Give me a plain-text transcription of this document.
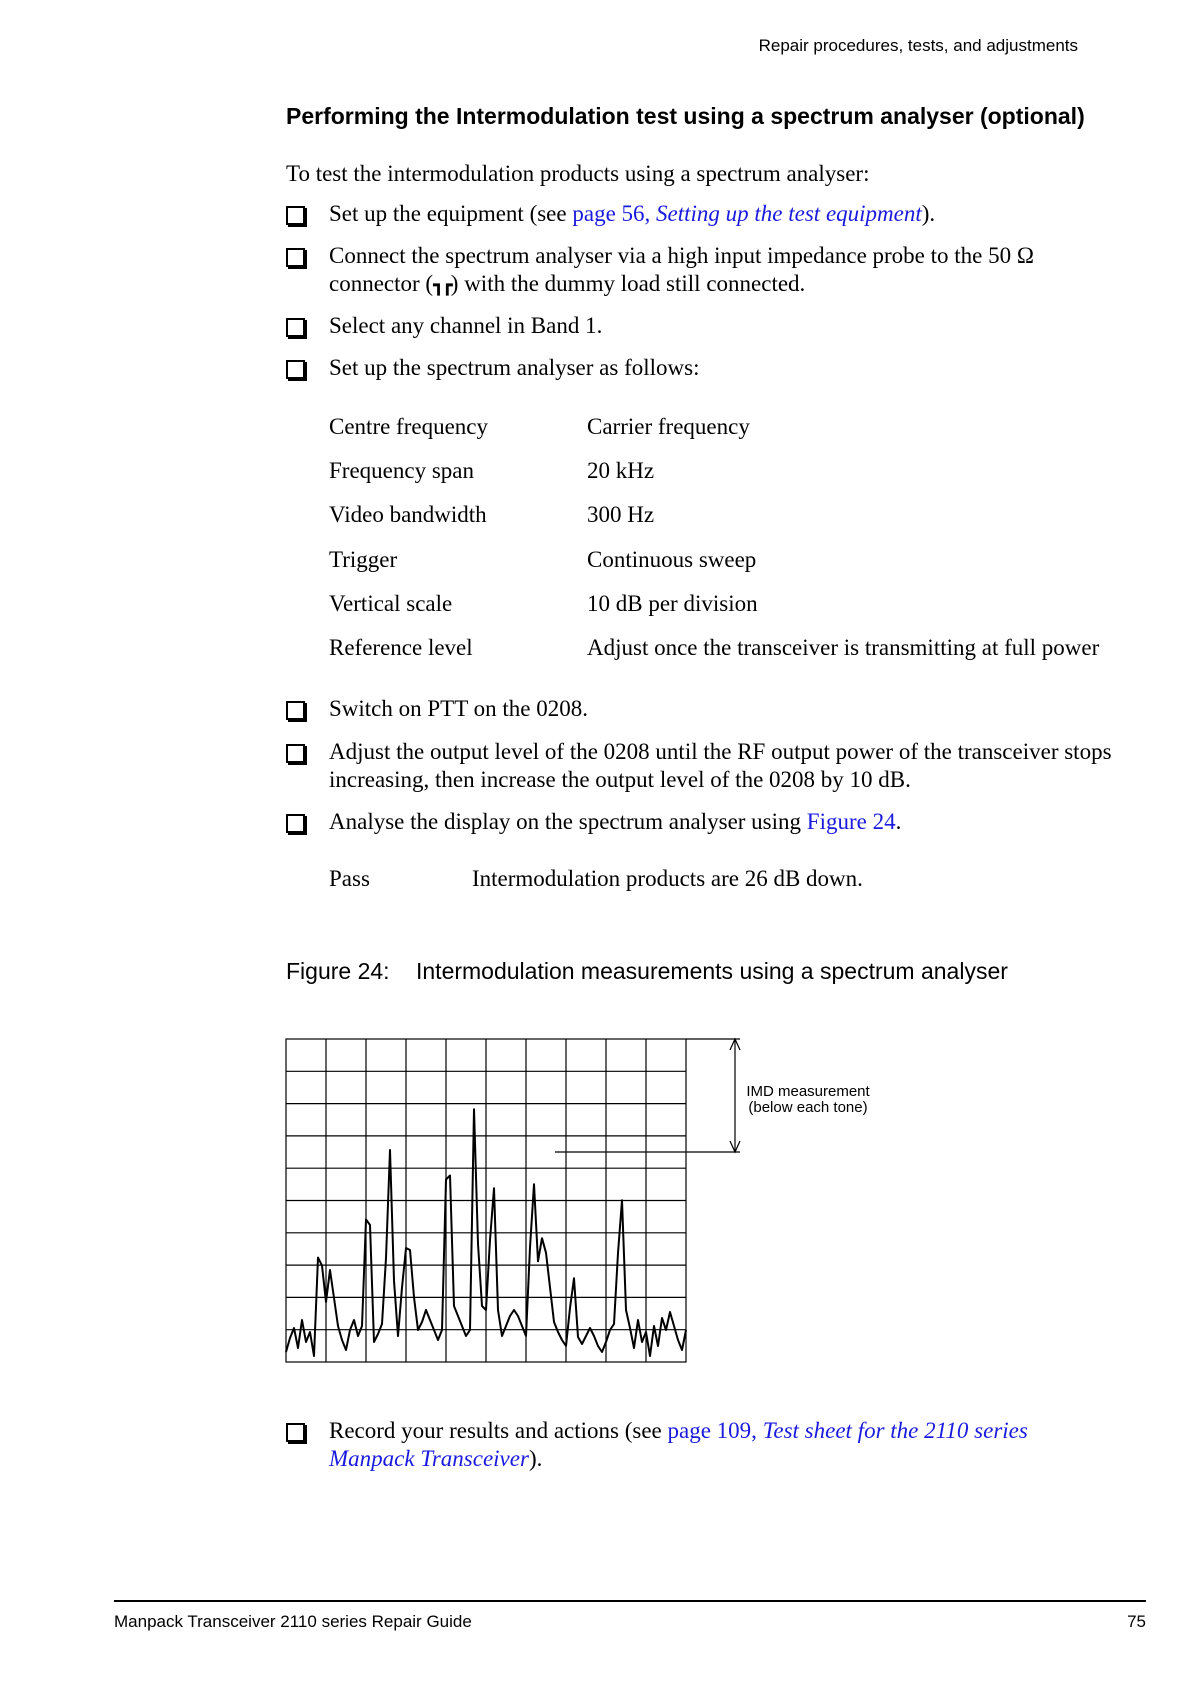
Repair procedures, tests, and adjustments
Performing the Intermodulation test using a spectrum analyser (optional)
To test the intermodulation products using a spectrum analyser:
Set up the equipment (see page 56, Setting up the test equipment).
Connect the spectrum analyser via a high input impedance probe to the 50 Ω
connector (┓┏) with the dummy load still connected.
Select any channel in Band 1.
Set up the spectrum analyser as follows:
Centre frequency	Carrier frequency
Frequency span	20 kHz
Video bandwidth	300 Hz
Trigger	Continuous sweep
Vertical scale	10 dB per division
Reference level	Adjust once the transceiver is transmitting at full power
Switch on PTT on the 0208.
Adjust the output level of the 0208 until the RF output power of the transceiver stops
increasing, then increase the output level of the 0208 by 10 dB.
Analyse the display on the spectrum analyser using Figure 24.
Pass	Intermodulation products are 26 dB down.
Figure 24: Intermodulation measurements using a spectrum analyser
IMD measurement
(below each tone)
Record your results and actions (see page 109, Test sheet for the 2110 series
Manpack Transceiver).
Manpack Transceiver 2110 series Repair Guide	75
